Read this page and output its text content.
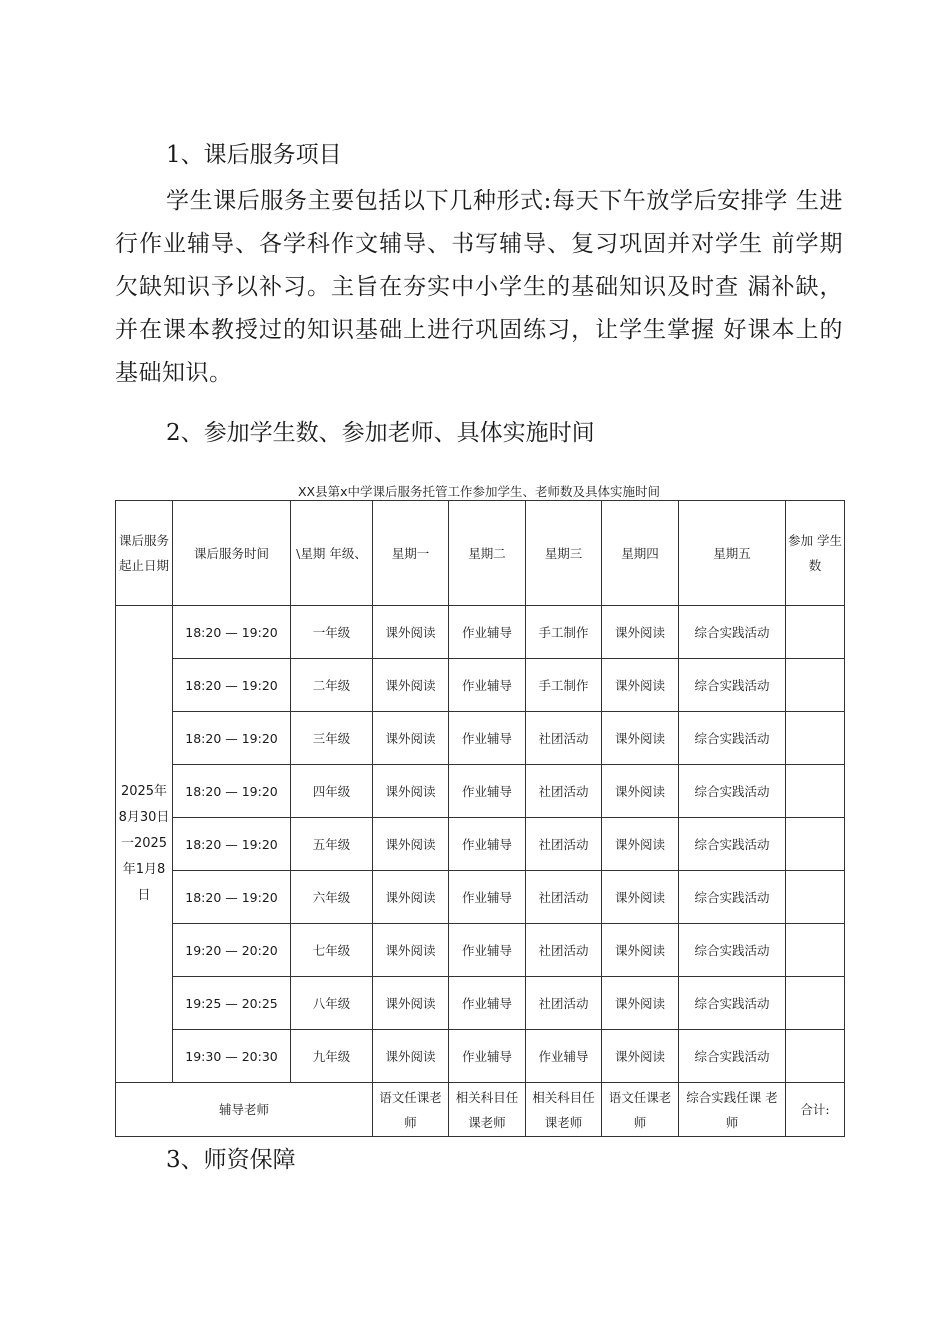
1、课后服务项目
学生课后服务主要包括以下几种形式:每天下午放学后安排学 生进行作业辅导、各学科作文辅导、书写辅导、复习巩固并对学生 前学期欠缺知识予以补习。主旨在夯实中小学生的基础知识及时查 漏补缺，并在课本教授过的知识基础上进行巩固练习，让学生掌握 好课本上的基础知识。
2、参加学生数、参加老师、具体实施时间
XX县第x中学课后服务托管工作参加学生、老师数及具体实施时间
课后服务起止日期	课后服务时间	\星期 年级、	星期一	星期二	星期三	星期四	星期五	参加 学生 数
2025年8月30日一2025年1月8日	18:20 — 19:20	一年级	课外阅读	作业辅导	手工制作	课外阅读	综合实践活动	
	18:20 — 19:20	二年级	课外阅读	作业辅导	手工制作	课外阅读	综合实践活动	
	18:20 — 19:20	三年级	课外阅读	作业辅导	社团活动	课外阅读	综合实践活动	
	18:20 — 19:20	四年级	课外阅读	作业辅导	社团活动	课外阅读	综合实践活动	
	18:20 — 19:20	五年级	课外阅读	作业辅导	社团活动	课外阅读	综合实践活动	
	18:20 — 19:20	六年级	课外阅读	作业辅导	社团活动	课外阅读	综合实践活动	
	19:20 — 20:20	七年级	课外阅读	作业辅导	社团活动	课外阅读	综合实践活动	
	19:25 — 20:25	八年级	课外阅读	作业辅导	社团活动	课外阅读	综合实践活动	
	19:30 — 20:30	九年级	课外阅读	作业辅导	作业辅导	课外阅读	综合实践活动	
辅导老师			语文任课老师	相关科目任课老师	相关科目任课老师	语文任课老师	综合实践任课 老师	合计:
3、师资保障
